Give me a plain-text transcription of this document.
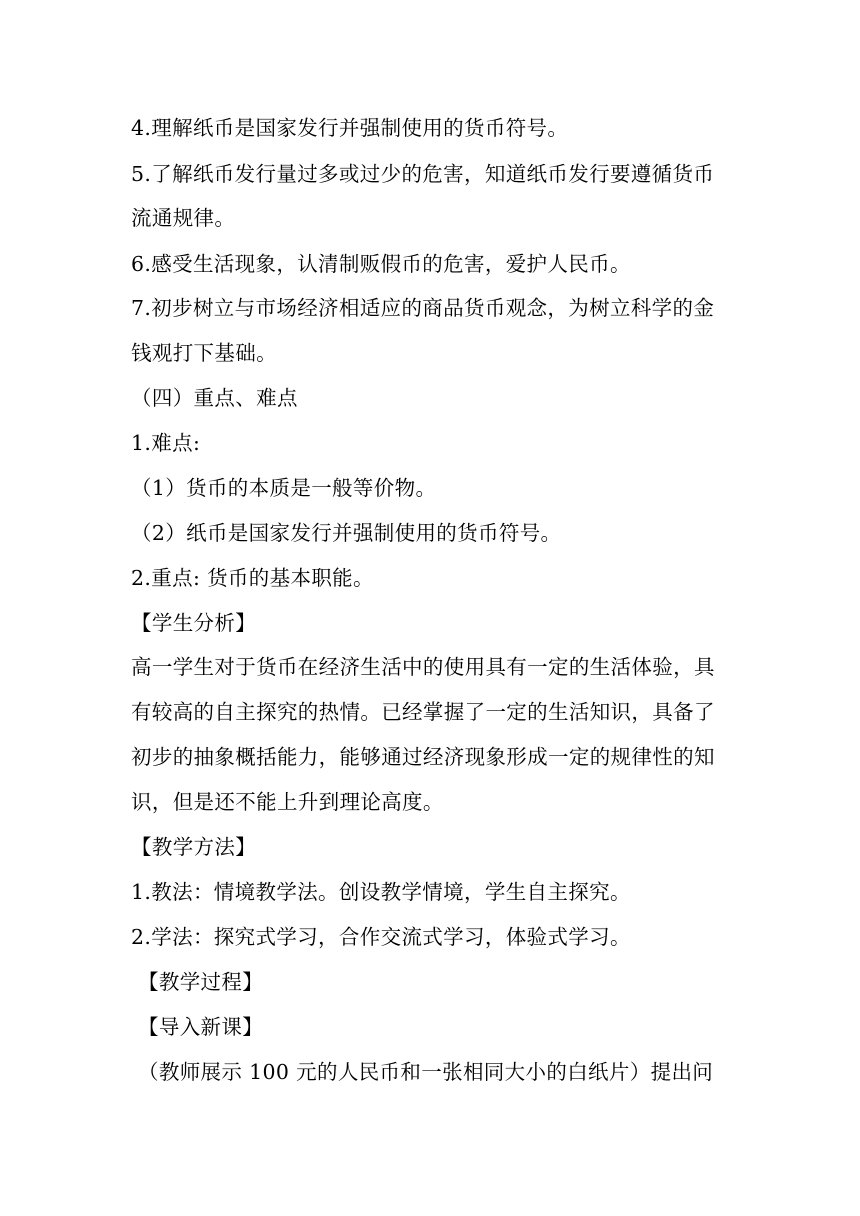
4.理解纸币是国家发行并强制使用的货币符号。
5.了解纸币发行量过多或过少的危害，知道纸币发行要遵循货币
流通规律。
6.感受生活现象，认清制贩假币的危害，爱护人民币。
7.初步树立与市场经济相适应的商品货币观念，为树立科学的金
钱观打下基础。
（四）重点、难点
1.难点:
（1）货币的本质是一般等价物。
（2）纸币是国家发行并强制使用的货币符号。
2.重点: 货币的基本职能。
【学生分析】
高一学生对于货币在经济生活中的使用具有一定的生活体验，具
有较高的自主探究的热情。已经掌握了一定的生活知识，具备了
初步的抽象概括能力，能够通过经济现象形成一定的规律性的知
识，但是还不能上升到理论高度。
【教学方法】
1.教法：情境教学法。创设教学情境，学生自主探究。
2.学法：探究式学习，合作交流式学习，体验式学习。
【教学过程】
【导入新课】
（教师展示 100 元的人民币和一张相同大小的白纸片）提出问
